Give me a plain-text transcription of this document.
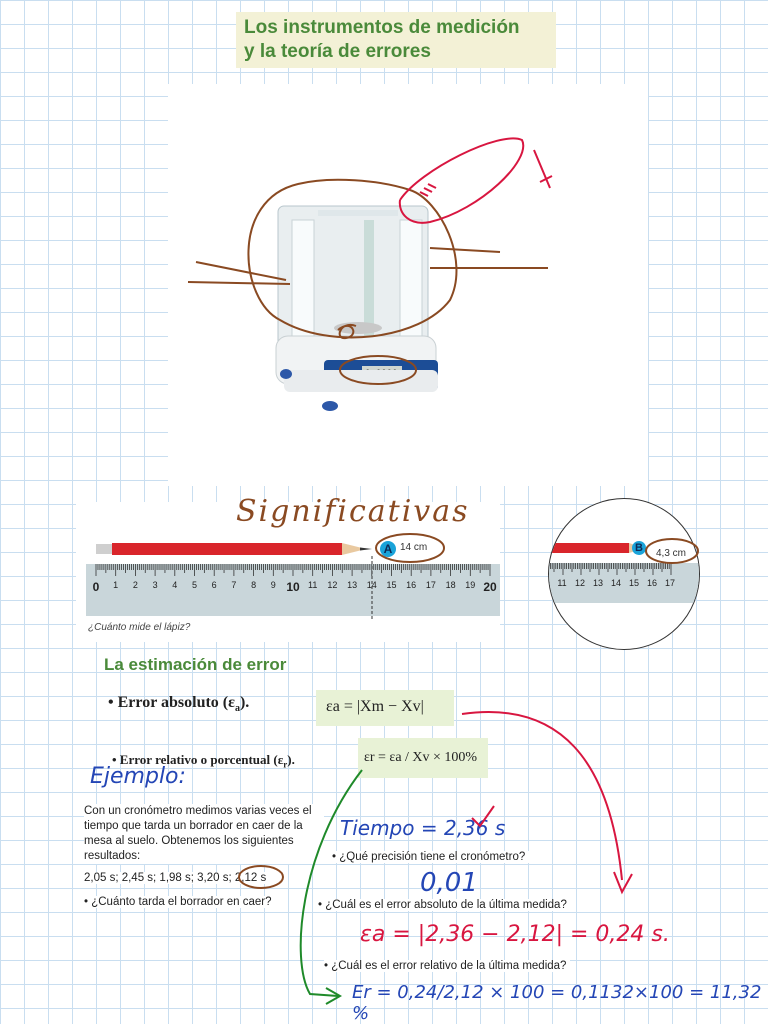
Los instrumentos de medición
y la teoría de errores
0 1 2 3 4 5 6 7 8 9 10 11 12 13 14 15 16 17 18 19 20
A 14 cm
¿Cuánto mide el lápiz?
11 12 13 14 15 16 17
B	4,3 cm
Significativas
La estimación de error
• Error absoluto $(\varepsilon_a)$.	εa = |Xm − Xv|
• Error relativo o porcentual $(\varepsilon_r)$.	εr = εa / Xv × 100%
Ejemplo:
Con un cronómetro medimos varias veces el tiempo que tarda un borrador en caer de la mesa al suelo. Obtenemos los siguientes resultados:
2,05 s; 2,45 s; 1,98 s; 3,20 s; 2,12 s
• ¿Cuánto tarda el borrador en caer?
• ¿Qué precisión tiene el cronómetro?
• ¿Cuál es el error absoluto de la última medida?
• ¿Cuál es el error relativo de la última medida?
Tiempo = 2,36 s
0,01
εa = |2,36 − 2,12| = 0,24 s.
Er = 0,24/2,12 × 100 = 0,1132×100 = 11,32 %
